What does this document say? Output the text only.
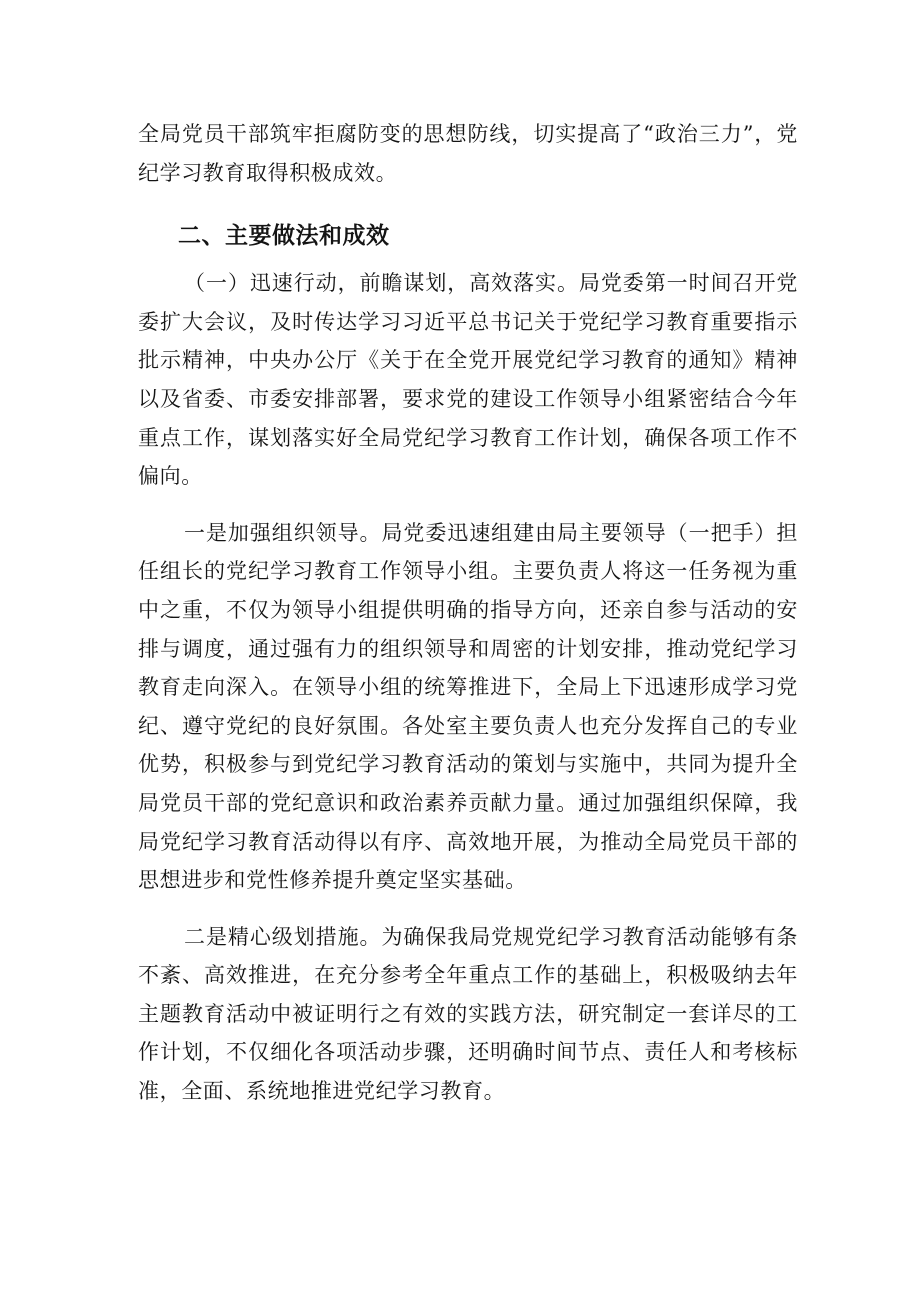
全局党员干部筑牢拒腐防变的思想防线，切实提高了“政治三力”，党纪学习教育取得积极成效。

二、主要做法和成效

（一）迅速行动，前瞻谋划，高效落实。局党委第一时间召开党委扩大会议，及时传达学习习近平总书记关于党纪学习教育重要指示批示精神，中央办公厅《关于在全党开展党纪学习教育的通知》精神以及省委、市委安排部署，要求党的建设工作领导小组紧密结合今年重点工作，谋划落实好全局党纪学习教育工作计划，确保各项工作不偏向。

一是加强组织领导。局党委迅速组建由局主要领导（一把手）担任组长的党纪学习教育工作领导小组。主要负责人将这一任务视为重中之重，不仅为领导小组提供明确的指导方向，还亲自参与活动的安排与调度，通过强有力的组织领导和周密的计划安排，推动党纪学习教育走向深入。在领导小组的统筹推进下，全局上下迅速形成学习党纪、遵守党纪的良好氛围。各处室主要负责人也充分发挥自己的专业优势，积极参与到党纪学习教育活动的策划与实施中，共同为提升全局党员干部的党纪意识和政治素养贡献力量。通过加强组织保障，我局党纪学习教育活动得以有序、高效地开展，为推动全局党员干部的思想进步和党性修养提升奠定坚实基础。

二是精心级划措施。为确保我局党规党纪学习教育活动能够有条不紊、高效推进，在充分参考全年重点工作的基础上，积极吸纳去年主题教育活动中被证明行之有效的实践方法，研究制定一套详尽的工作计划，不仅细化各项活动步骤，还明确时间节点、责任人和考核标准，全面、系统地推进党纪学习教育。
